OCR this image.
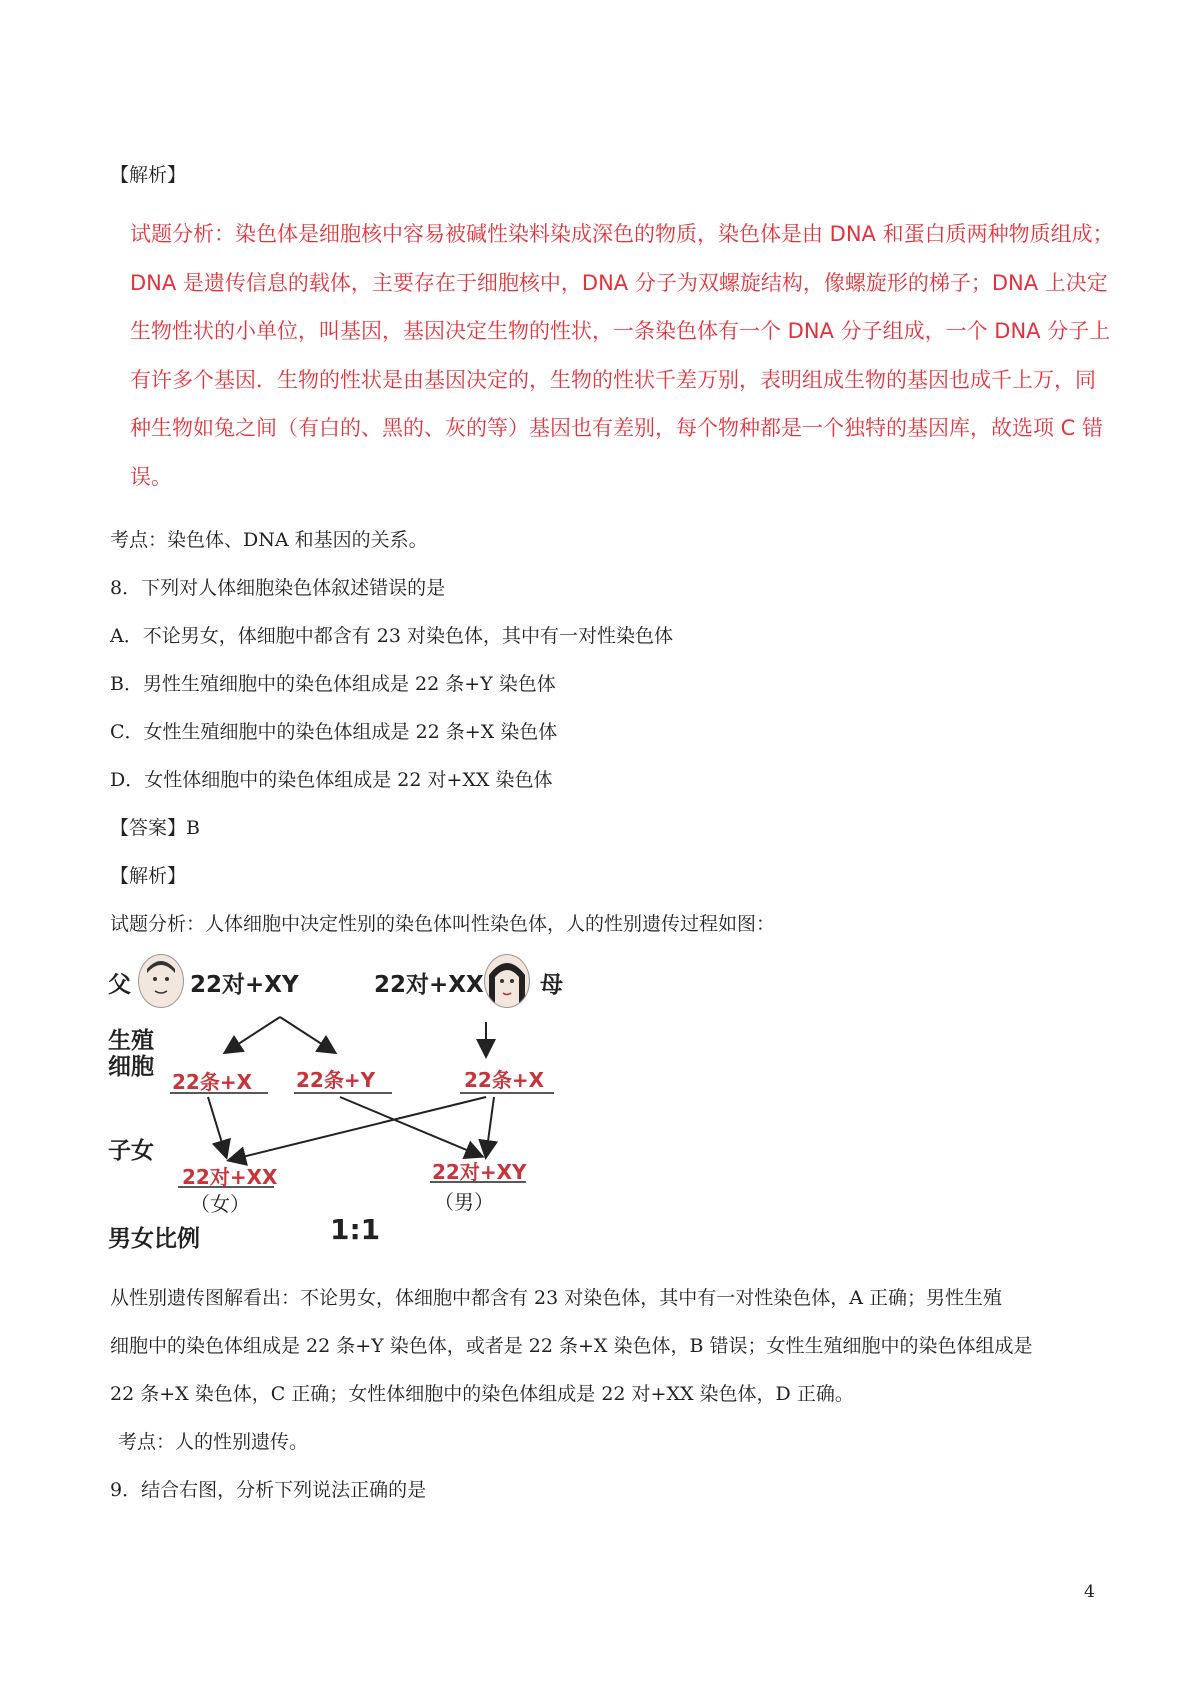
【解析】
试题分析：染色体是细胞核中容易被碱性染料染成深色的物质，染色体是由 DNA 和蛋白质两种物质组成；
DNA 是遗传信息的载体，主要存在于细胞核中，DNA 分子为双螺旋结构，像螺旋形的梯子；DNA 上决定
生物性状的小单位，叫基因，基因决定生物的性状，一条染色体有一个 DNA 分子组成，一个 DNA 分子上
有许多个基因．生物的性状是由基因决定的，生物的性状千差万别，表明组成生物的基因也成千上万，同
种生物如兔之间（有白的、黑的、灰的等）基因也有差别，每个物种都是一个独特的基因库，故选项 C 错
误。
考点：染色体、DNA 和基因的关系。
8．下列对人体细胞染色体叙述错误的是
A．不论男女，体细胞中都含有 23 对染色体，其中有一对性染色体
B．男性生殖细胞中的染色体组成是 22 条+Y 染色体
C．女性生殖细胞中的染色体组成是 22 条+X 染色体
D．女性体细胞中的染色体组成是 22 对+XX 染色体
【答案】B
【解析】
试题分析：人体细胞中决定性别的染色体叫性染色体，人的性别遗传过程如图：
父	22对+XY	22对+XX 母
生殖
细胞
22条+X 22条+Y	22条+X
子女
22对+XX
（女）
22对+XY
（男）
男女比例	1:1
从性别遗传图解看出：不论男女，体细胞中都含有 23 对染色体，其中有一对性染色体，A 正确；男性生殖
细胞中的染色体组成是 22 条+Y 染色体，或者是 22 条+X 染色体，B 错误；女性生殖细胞中的染色体组成是
22 条+X 染色体，C 正确；女性体细胞中的染色体组成是 22 对+XX 染色体，D 正确。
考点：人的性别遗传。
9．结合右图，分析下列说法正确的是
4
